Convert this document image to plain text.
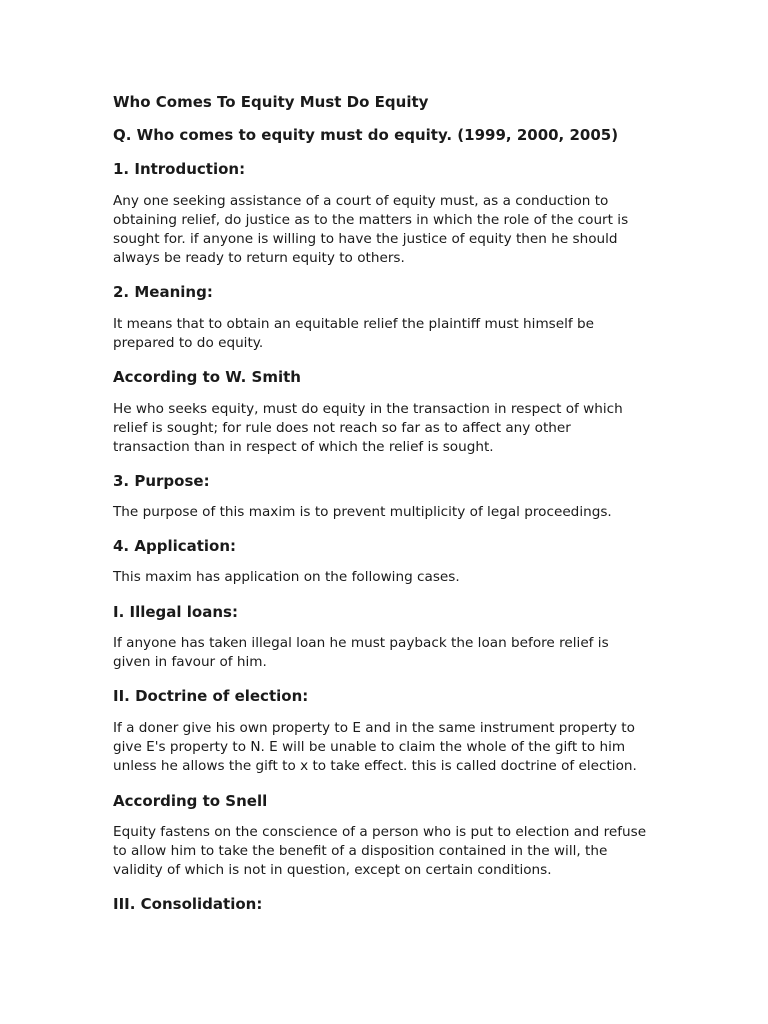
Who Comes To Equity Must Do Equity
Q. Who comes to equity must do equity. (1999, 2000, 2005)
1. Introduction:
Any one seeking assistance of a court of equity must, as a conduction to
obtaining relief, do justice as to the matters in which the role of the court is
sought for. if anyone is willing to have the justice of equity then he should
always be ready to return equity to others.
2. Meaning:
It means that to obtain an equitable relief the plaintiff must himself be
prepared to do equity.
According to W. Smith
He who seeks equity, must do equity in the transaction in respect of which
relief is sought; for rule does not reach so far as to affect any other
transaction than in respect of which the relief is sought.
3. Purpose:
The purpose of this maxim is to prevent multiplicity of legal proceedings.
4. Application:
This maxim has application on the following cases.
I. Illegal loans:
If anyone has taken illegal loan he must payback the loan before relief is
given in favour of him.
II. Doctrine of election:
If a doner give his own property to E and in the same instrument property to
give E's property to N. E will be unable to claim the whole of the gift to him
unless he allows the gift to x to take effect. this is called doctrine of election.
According to Snell
Equity fastens on the conscience of a person who is put to election and refuse
to allow him to take the benefit of a disposition contained in the will, the
validity of which is not in question, except on certain conditions.
III. Consolidation:
